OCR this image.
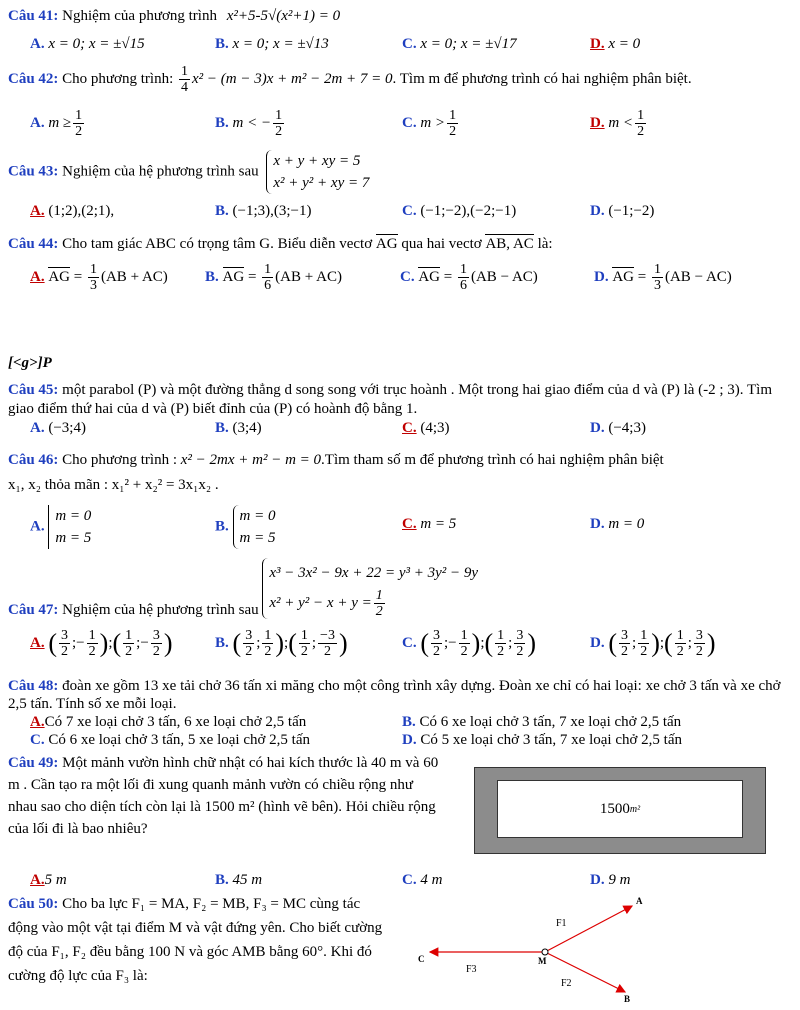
Câu 41: Nghiệm của phương trình x²+5-5√(x²+1) = 0
A. x = 0; x = ±√15	B. x = 0; x = ±√13	C. x = 0; x = ±√17	D. x = 0
Câu 42: Cho phương trình: $\frac{1}{4} x^2 - (m - 3)x + m^2 - 2m + 7 = 0$. Tìm m để phương trình có hai nghiệm phân biệt.
A. $m \ge \frac{1}{2}$	B. m < − $\frac{1}{2}$	C. $m > \frac{1}{2}$	D. $m < \frac{1}{2}$
Câu 43: Nghiệm của hệ phương trình sau x + y + xy = 5
x² + y² + xy = 7
A. (1;2),(2;1),	B. (−1;3),(3;−1)	C. (−1;−2),(−2;−1)	D. (−1;−2)
Câu 44: Cho tam giác ABC có trọng tâm G. Biểu diễn vectơ AG qua hai vectơ AB, AC là:
A. AG = $\frac{1}{3} (AB + AC)$ B. AG = $\frac{1}{6} (AB + AC)$	C. AG = $\frac{1}{6} (AB - AC)$	D. AG = $\frac{1}{3} (AB - AC)$
[<g>]P
Câu 45: một parabol (P) và một đường thẳng d song song với trục hoành . Một trong hai giao điểm của d và (P) là (-2 ; 3). Tìm giao điểm thứ hai của d và (P) biết đỉnh của (P) có hoành độ bằng 1.
A. (−3;4)	B. (3;4)	C. (4;3)	D. (−4;3)
Câu 46: Cho phương trình : x² − 2mx + m² − m = 0.Tìm tham số m để phương trình có hai nghiệm phân biệt
x₁, x₂ thỏa mãn : x₁² + x₂² = 3x₁x₂ .
A. m = 0
m = 5
B. m = 0
m = 5
C. m = 5	D. m = 0
Câu 47: Nghiệm của hệ phương trình sau x³ − 3x² − 9x + 22 = y³ + 3y² − 9y
$x^2 + y^2 - x + y = \frac{1}{2}$
A. ( $\frac{3}{2}$ ;− $\frac{1}{2}$ );( $\frac{1}{2}$ ;− $\frac{3}{2}$ )	B. ( $\frac{3}{2}$ ; $\frac{1}{2}$ );( $\frac{1}{2}$ ; $\frac{-3}{2}$ )	C. ( $\frac{3}{2}$ ;− $\frac{1}{2}$ );( $\frac{1}{2}$ ; $\frac{3}{2}$ )	D. ( $\frac{3}{2}$ ; $\frac{1}{2}$ );( $\frac{1}{2}$ ; $\frac{3}{2}$ )
Câu 48: đoàn xe gồm 13 xe tải chở 36 tấn xi măng cho một công trình xây dựng. Đoàn xe chỉ có hai loại: xe chở 3 tấn và xe chở 2,5 tấn. Tính số xe mỗi loại.
A.Có 7 xe loại chở 3 tấn, 6 xe loại chở 2,5 tấn	B. Có 6 xe loại chở 3 tấn, 7 xe loại chở 2,5 tấn
C. Có 6 xe loại chở 3 tấn, 5 xe loại chở 2,5 tấn	D. Có 5 xe loại chở 3 tấn, 7 xe loại chở 2,5 tấn
Câu 49: Một mảnh vườn hình chữ nhật có hai kích thước là 40 m và 60 m . Cần tạo ra một lối đi xung quanh mảnh vườn có chiều rộng như nhau sao cho diện tích còn lại là 1500 m² (hình vẽ bên). Hỏi chiều rộng của lối đi là bao nhiêu?
1500 m²
A.5 m	B. 45 m	C. 4 m	D. 9 m
Câu 50: Cho ba lực F₁ = MA, F₂ = MB, F₃ = MC cùng tác động vào một vật tại điểm M và vật đứng yên. Cho biết cường độ của F₁, F₂ đều bằng 100 N và góc AMB bằng 60°. Khi đó cường độ lực của F₃ là:
A
B
C	M
F1
F2
F3
